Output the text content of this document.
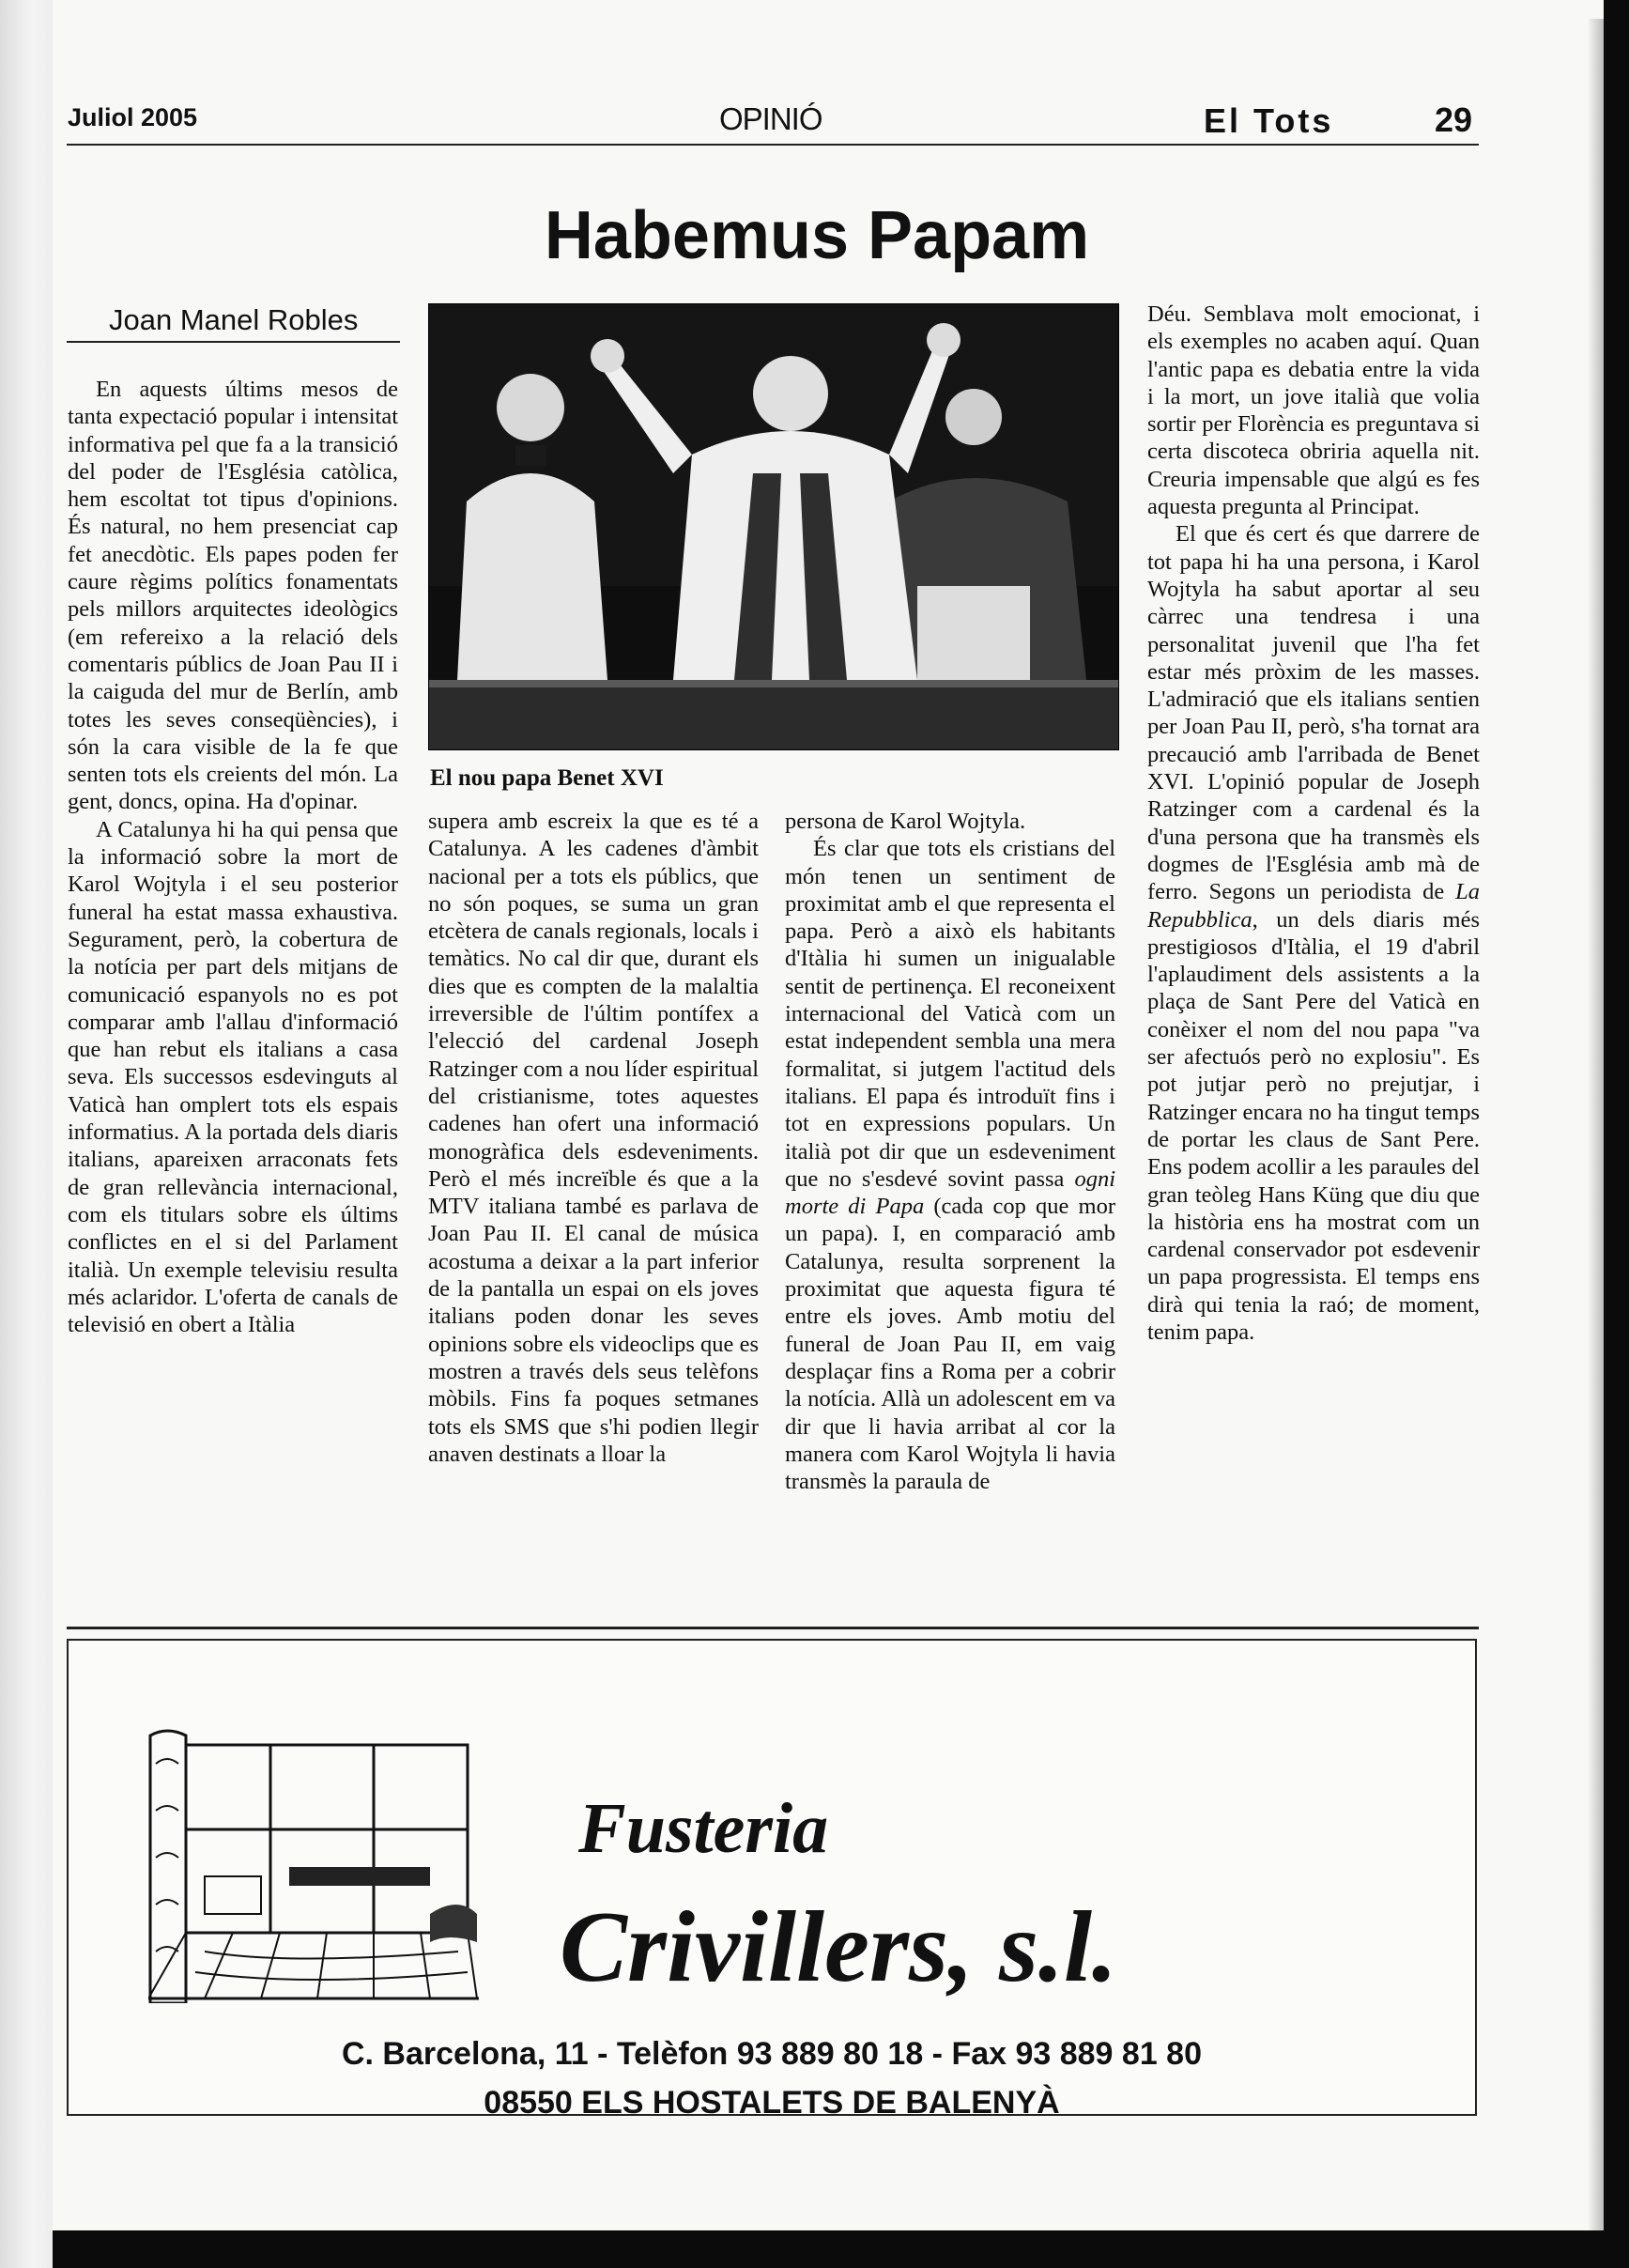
Juliol 2005	OPINIÓ	El Tots	29
Habemus Papam
Joan Manel Robles
El nou papa Benet XVI

En aquests últims mesos de tanta expectació popular i intensitat informativa pel que fa a la transició del poder de l'Església catòlica, hem escoltat tot tipus d'opinions. És natural, no hem presenciat cap fet anecdòtic. Els papes poden fer caure règims polítics fonamentats pels millors arquitectes ideològics (em refereixo a la relació dels comentaris públics de Joan Pau II i la caiguda del mur de Berlín, amb totes les seves conseqüències), i són la cara visible de la fe que senten tots els creients del món. La gent, doncs, opina. Ha d'opinar.

A Catalunya hi ha qui pensa que la informació sobre la mort de Karol Wojtyla i el seu posterior funeral ha estat massa exhaustiva. Segurament, però, la cobertura de la notícia per part dels mitjans de comunicació espanyols no es pot comparar amb l'allau d'informació que han rebut els italians a casa seva. Els successos esdevinguts al Vaticà han omplert tots els espais informatius. A la portada dels diaris italians, apareixen arraconats fets de gran rellevància internacional, com els titulars sobre els últims conflictes en el si del Parlament italià. Un exemple televisiu resulta més aclaridor. L'oferta de canals de televisió en obert a Itàlia

supera amb escreix la que es té a Catalunya. A les cadenes d'àmbit nacional per a tots els públics, que no són poques, se suma un gran etcètera de canals regionals, locals i temàtics. No cal dir que, durant els dies que es compten de la malaltia irreversible de l'últim pontífex a l'elecció del cardenal Joseph Ratzinger com a nou líder espiritual del cristianisme, totes aquestes cadenes han ofert una informació monogràfica dels esdeveniments. Però el més increïble és que a la MTV italiana també es parlava de Joan Pau II. El canal de música acostuma a deixar a la part inferior de la pantalla un espai on els joves italians poden donar les seves opinions sobre els videoclips que es mostren a través dels seus telèfons mòbils. Fins fa poques setmanes tots els SMS que s'hi podien llegir anaven destinats a lloar la

persona de Karol Wojtyla.

És clar que tots els cristians del món tenen un sentiment de proximitat amb el que representa el papa. Però a això els habitants d'Itàlia hi sumen un inigualable sentit de pertinença. El reconeixent internacional del Vaticà com un estat independent sembla una mera formalitat, si jutgem l'actitud dels italians. El papa és introduït fins i tot en expressions populars. Un italià pot dir que un esdeveniment que no s'esdevé sovint passa ogni morte di Papa (cada cop que mor un papa). I, en comparació amb Catalunya, resulta sorprenent la proximitat que aquesta figura té entre els joves. Amb motiu del funeral de Joan Pau II, em vaig desplaçar fins a Roma per a cobrir la notícia. Allà un adolescent em va dir que li havia arribat al cor la manera com Karol Wojtyla li havia transmès la paraula de

Déu. Semblava molt emocionat, i els exemples no acaben aquí. Quan l'antic papa es debatia entre la vida i la mort, un jove italià que volia sortir per Florència es preguntava si certa discoteca obriria aquella nit. Creuria impensable que algú es fes aquesta pregunta al Principat.

El que és cert és que darrere de tot papa hi ha una persona, i Karol Wojtyla ha sabut aportar al seu càrrec una tendresa i una personalitat juvenil que l'ha fet estar més pròxim de les masses. L'admiració que els italians sentien per Joan Pau II, però, s'ha tornat ara precaució amb l'arribada de Benet XVI. L'opinió popular de Joseph Ratzinger com a cardenal és la d'una persona que ha transmès els dogmes de l'Església amb mà de ferro. Segons un periodista de La Repubblica, un dels diaris més prestigiosos d'Itàlia, el 19 d'abril l'aplaudiment dels assistents a la plaça de Sant Pere del Vaticà en conèixer el nom del nou papa "va ser afectuós però no explosiu". Es pot jutjar però no prejutjar, i Ratzinger encara no ha tingut temps de portar les claus de Sant Pere. Ens podem acollir a les paraules del gran teòleg Hans Küng que diu que la història ens ha mostrat com un cardenal conservador pot esdevenir un papa progressista. El temps ens dirà qui tenia la raó; de moment, tenim papa.

Fusteria
Crivillers, s.l.
C. Barcelona, 11 - Telèfon 93 889 80 18 - Fax 93 889 81 80
08550 ELS HOSTALETS DE BALENYÀ
